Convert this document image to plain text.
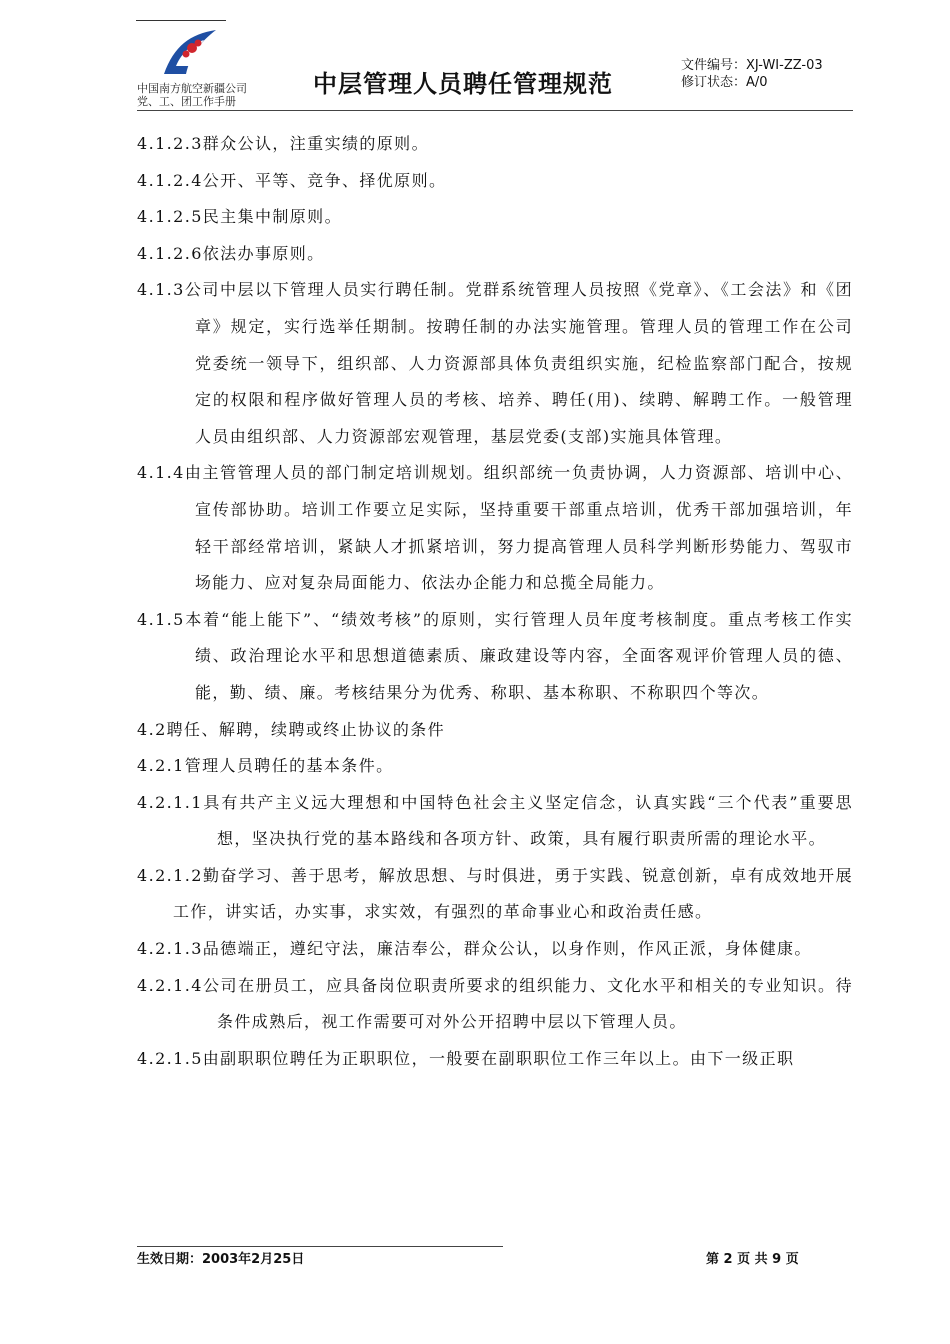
中国南方航空新疆公司
党、工、团工作手册
中层管理人员聘任管理规范
文件编号：XJ-WI-ZZ-03
修订状态：A/0

4.1.2.3群众公认，注重实绩的原则。

4.1.2.4公开、平等、竞争、择优原则。

4.1.2.5民主集中制原则。

4.1.2.6依法办事原则。

4.1.3公司中层以下管理人员实行聘任制。党群系统管理人员按照《党章》、《工会法》和《团章》规定，实行选举任期制。按聘任制的办法实施管理。管理人员的管理工作在公司党委统一领导下，组织部、人力资源部具体负责组织实施，纪检监察部门配合，按规定的权限和程序做好管理人员的考核、培养、聘任(用)、续聘、解聘工作。一般管理人员由组织部、人力资源部宏观管理，基层党委(支部)实施具体管理。

4.1.4由主管管理人员的部门制定培训规划。组织部统一负责协调，人力资源部、培训中心、宣传部协助。培训工作要立足实际，坚持重要干部重点培训，优秀干部加强培训，年轻干部经常培训，紧缺人才抓紧培训，努力提高管理人员科学判断形势能力、驾驭市场能力、应对复杂局面能力、依法办企能力和总揽全局能力。

4.1.5本着“能上能下”、“绩效考核”的原则，实行管理人员年度考核制度。重点考核工作实绩、政治理论水平和思想道德素质、廉政建设等内容，全面客观评价管理人员的德、能，勤、绩、廉。考核结果分为优秀、称职、基本称职、不称职四个等次。

4.2聘任、解聘，续聘或终止协议的条件

4.2.1管理人员聘任的基本条件。

4.2.1.1具有共产主义远大理想和中国特色社会主义坚定信念，认真实践“三个代表”重要思想，坚决执行党的基本路线和各项方针、政策，具有履行职责所需的理论水平。

4.2.1.2勤奋学习、善于思考，解放思想、与时俱进，勇于实践、锐意创新，卓有成效地开展工作，讲实话，办实事，求实效，有强烈的革命事业心和政治责任感。

4.2.1.3品德端正，遵纪守法，廉洁奉公，群众公认，以身作则，作风正派，身体健康。

4.2.1.4公司在册员工，应具备岗位职责所要求的组织能力、文化水平和相关的专业知识。待条件成熟后，视工作需要可对外公开招聘中层以下管理人员。

4.2.1.5由副职职位聘任为正职职位，一般要在副职职位工作三年以上。由下一级正职

生效日期：2003年2月25日	第 2 页 共 9 页
